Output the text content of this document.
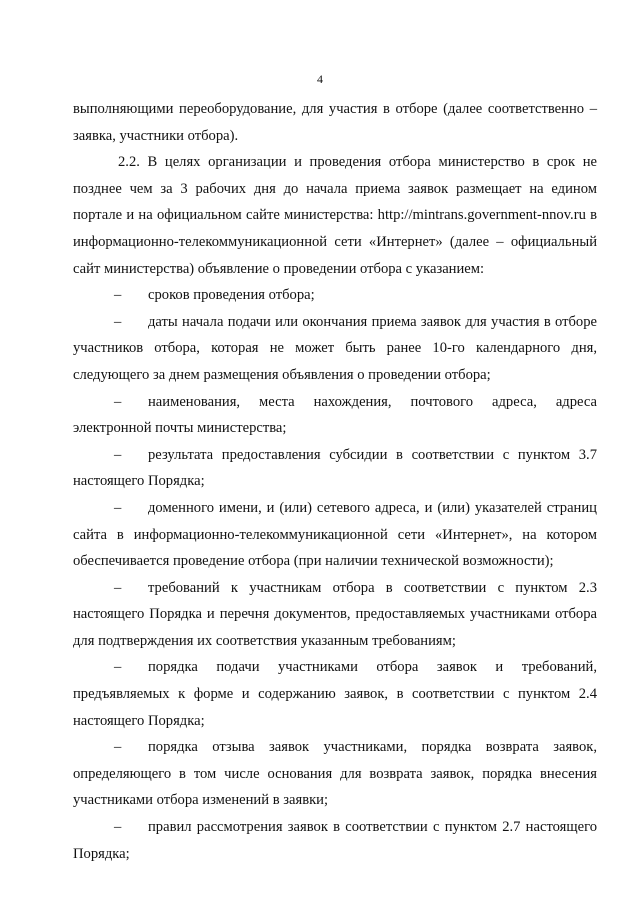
4

выполняющими переоборудование, для участия в отборе (далее соответственно – заявка, участники отбора).

2.2. В целях организации и проведения отбора министерство в срок не позднее чем за 3 рабочих дня до начала приема заявок размещает на едином портале и на официальном сайте министерства: http://mintrans.government-nnov.ru в информационно-телекоммуникационной сети «Интернет» (далее – официальный сайт министерства) объявление о проведении отбора с указанием:

– сроков проведения отбора;

– даты начала подачи или окончания приема заявок для участия в отборе участников отбора, которая не может быть ранее 10-го календарного дня, следующего за днем размещения объявления о проведении отбора;

– наименования, места нахождения, почтового адреса, адреса электронной почты министерства;

– результата предоставления субсидии в соответствии с пунктом 3.7 настоящего Порядка;

– доменного имени, и (или) сетевого адреса, и (или) указателей страниц сайта в информационно-телекоммуникационной сети «Интернет», на котором обеспечивается проведение отбора (при наличии технической возможности);

– требований к участникам отбора в соответствии с пунктом 2.3 настоящего Порядка и перечня документов, предоставляемых участниками отбора для подтверждения их соответствия указанным требованиям;

– порядка подачи участниками отбора заявок и требований, предъявляемых к форме и содержанию заявок, в соответствии с пунктом 2.4 настоящего Порядка;

– порядка отзыва заявок участниками, порядка возврата заявок, определяющего в том числе основания для возврата заявок, порядка внесения участниками отбора изменений в заявки;

– правил рассмотрения заявок в соответствии с пунктом 2.7 настоящего Порядка;
